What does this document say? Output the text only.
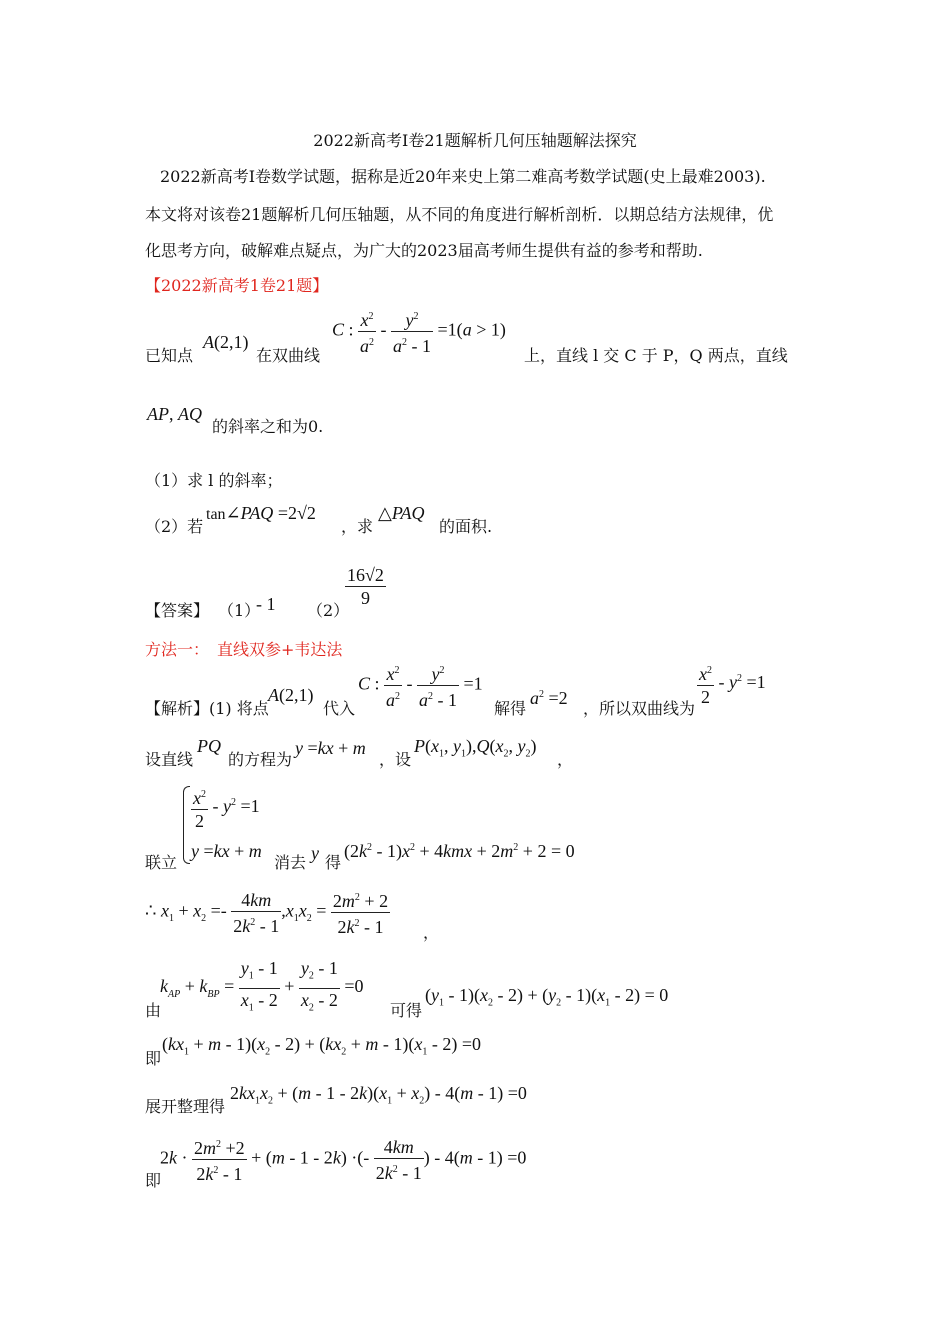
2022新高考Ⅰ卷21题解析几何压轴题解法探究
2022新高考Ⅰ卷数学试题，据称是近20年来史上第二难高考数学试题(史上最难2003).
本文将对该卷21题解析几何压轴题，从不同的角度进行解析剖析．以期总结方法规律，优
化思考方向，破解难点疑点，为广大的2023届高考师生提供有益的参考和帮助.
【2022新高考1卷21题】
已知点
A(2,1)
在双曲线
C : $\frac{x^2}{a^2} - \frac{y^2}{a^2 - 1} =1(a > 1)$
上，直线 l 交 C 于 P，Q 两点，直线
AP, AQ
的斜率之和为0.
（1）求 l 的斜率；
（2）若
tan∠PAQ =2√2
，求
△PAQ
的面积.
【答案】 （1）
- 1 （2）
$\frac{16√2}{9}$
方法一：　直线双参+韦达法
【解析】(1) 将点
A(2,1)
代入
C : $\frac{x^2}{a^2} - \frac{y^2}{a^2 - 1} =1$
解得
$a^2 =2$
，所以双曲线为
$\frac{x^2}{2} - y^2 =1$
设直线
PQ
的方程为
y =kx + m
，设
$P(x_1$, $y_1),Q(x_2$, $y_2$)
，
$\frac{x^2}{2} - y^2 =1$
y =kx + m
联立	消去 y 得
$(2k^2 - 1)x^2 + 4kmx + 2m^2 + 2 = 0$
∴ $x_1 + x_2 =- \frac{4km}{2k^2 - 1} ,x_1x_2 = \frac{2m^2 + 2}{2k^2 - 1}$ ，
由
$k_{AP} + k_{BP} = \frac{y_1 - 1}{x_1 - 2} + \frac{y_2 - 1}{x_2 - 2} =0$
可得
$(y_1 - 1)(x_2 - 2) + (y_2 - 1)(x_1 - 2) = 0$
即
$(kx_1 + m - 1)(x_2 - 2) + (kx_2 + m - 1)(x_1 - 2) =0$
展开整理得
$2kx_1x_2 + (m - 1 - 2k)(x_1 + x_2) - 4(m - 1) =0$
即
$2k \cdot \frac{2m^2 +2}{2k^2 - 1} + (m - 1 - 2k)$ ·(- $\frac{4km}{2k^2 - 1}$ ) - 4(m - 1) =0
